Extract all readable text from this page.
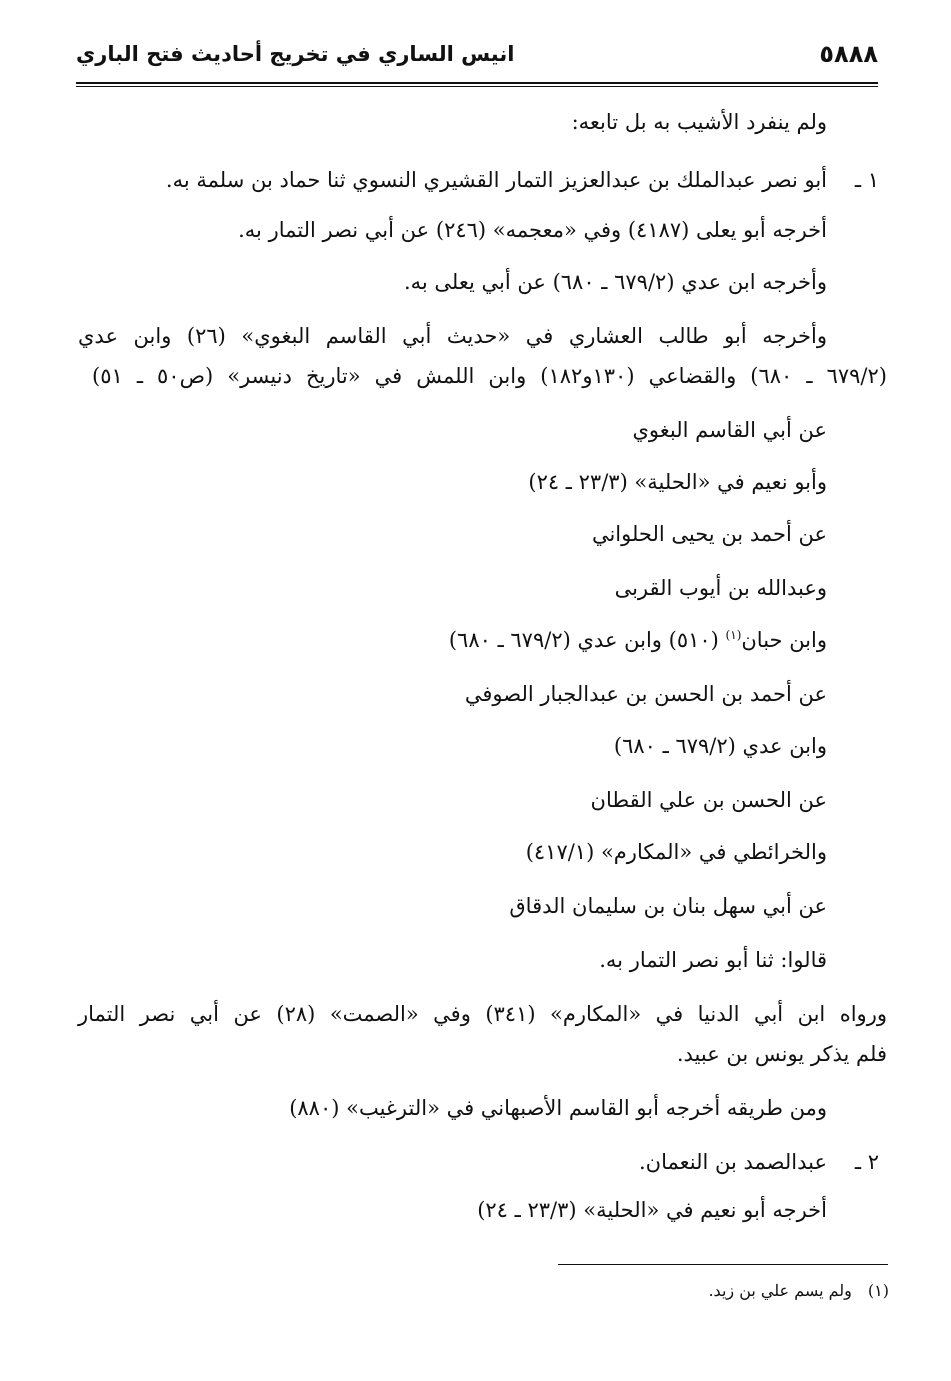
٥٨٨٨
انيس الساري في تخريج أحاديث فتح الباري
ولم ينفرد الأشيب به بل تابعه:
١ ـ
أبو نصر عبدالملك بن عبدالعزيز التمار القشيري النسوي ثنا حماد بن سلمة به.
أخرجه أبو يعلى (٤١٨٧) وفي «معجمه» (٢٤٦) عن أبي نصر التمار به.
وأخرجه ابن عدي (٦٧٩/٢ ـ ٦٨٠) عن أبي يعلى به.
وأخرجه أبو طالب العشاري في «حديث أبي القاسم البغوي» (٢٦) وابن عدي
(٦٧٩/٢ ـ ٦٨٠) والقضاعي (١٣٠و١٨٢) وابن اللمش في «تاريخ دنيسر» (ص٥٠ ـ ٥١)
عن أبي القاسم البغوي
وأبو نعيم في «الحلية» (٢٣/٣ ـ ٢٤)
عن أحمد بن يحيى الحلواني
وعبدالله بن أيوب القربى
وابن حبان$^{(١)}$ (٥١٠) وابن عدي (٦٧٩/٢ ـ ٦٨٠)
عن أحمد بن الحسن بن عبدالجبار الصوفي
وابن عدي (٦٧٩/٢ ـ ٦٨٠)
عن الحسن بن علي القطان
والخرائطي في «المكارم» (٤١٧/١)
عن أبي سهل بنان بن سليمان الدقاق
قالوا: ثنا أبو نصر التمار به.
ورواه ابن أبي الدنيا في «المكارم» (٣٤١) وفي «الصمت» (٢٨) عن أبي نصر التمار
فلم يذكر يونس بن عبيد.
ومن طريقه أخرجه أبو القاسم الأصبهاني في «الترغيب» (٨٨٠)
٢ ـ
عبدالصمد بن النعمان.
أخرجه أبو نعيم في «الحلية» (٢٣/٣ ـ ٢٤)
(١)ولم يسم علي بن زيد.
